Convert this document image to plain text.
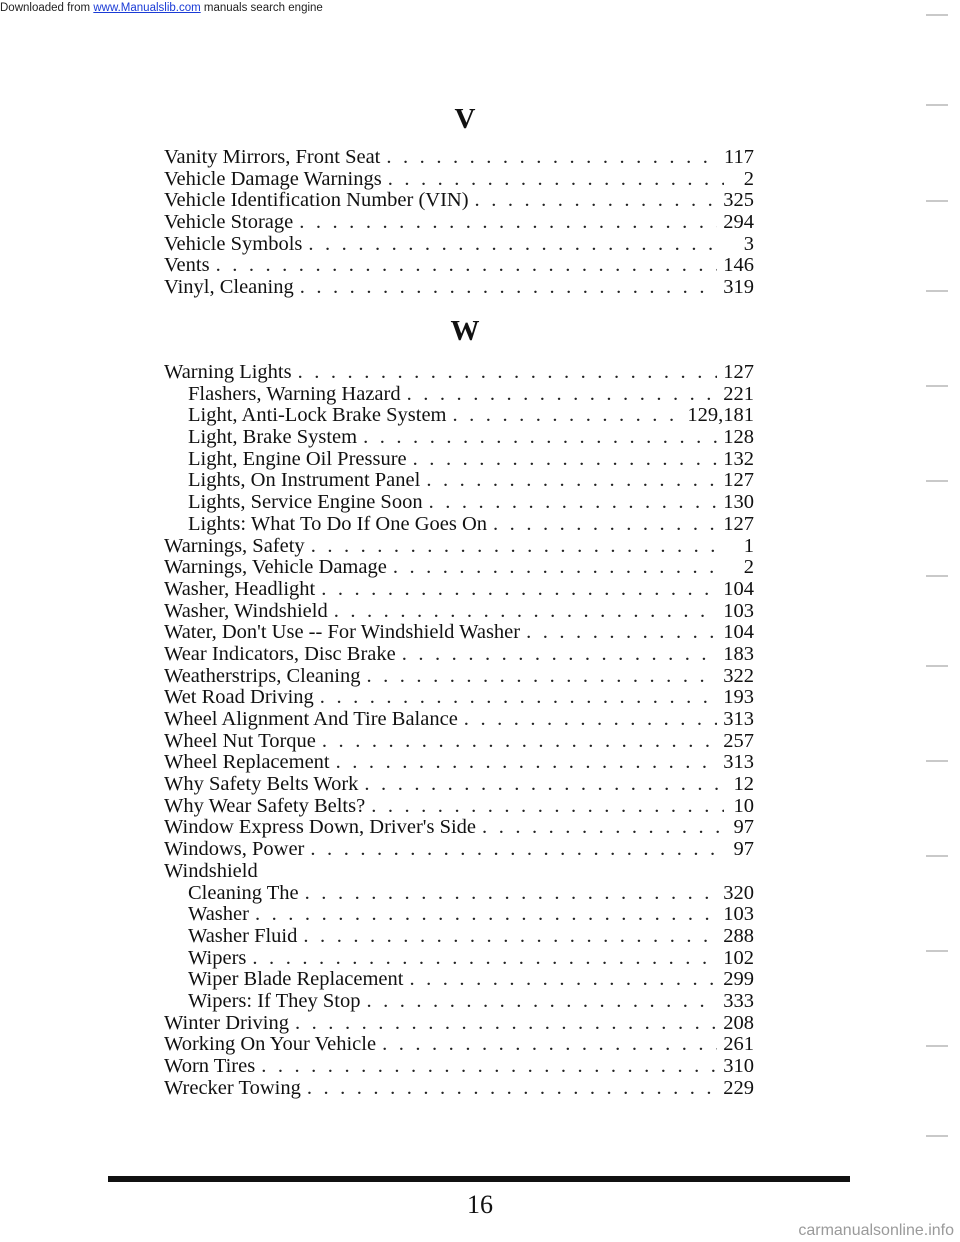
Downloaded from www.Manualslib.com manuals search engine
V
Vanity Mirrors, Front Seat . . .	117
Vehicle Damage Warnings . . .	2
Vehicle Identification Number (VIN) . . .	325
Vehicle Storage . . .	294
Vehicle Symbols . . .	3
Vents . . .	146
Vinyl, Cleaning . . .	319
W
Warning Lights . . .	127
Flashers, Warning Hazard . . .	221
Light, Anti-Lock Brake System . . .	129,181
Light, Brake System . . .	128
Light, Engine Oil Pressure . . .	132
Lights, On Instrument Panel . . .	127
Lights, Service Engine Soon . . .	130
Lights: What To Do If One Goes On . . .	127
Warnings, Safety . . .	1
Warnings, Vehicle Damage . . .	2
Washer, Headlight . . .	104
Washer, Windshield . . .	103
Water, Don't Use -- For Windshield Washer . . .	104
Wear Indicators, Disc Brake . . .	183
Weatherstrips, Cleaning . . .	322
Wet Road Driving . . .	193
Wheel Alignment And Tire Balance . . .	313
Wheel Nut Torque . . .	257
Wheel Replacement . . .	313
Why Safety Belts Work . . .	12
Why Wear Safety Belts? . . .	10
Window Express Down, Driver's Side . . .	97
Windows, Power . . .	97
Windshield
Cleaning The . . .	320
Washer . . .	103
Washer Fluid . . .	288
Wipers . . .	102
Wiper Blade Replacement . . .	299
Wipers: If They Stop . . .	333
Winter Driving . . .	208
Working On Your Vehicle . . .	261
Worn Tires . . .	310
Wrecker Towing . . .	229
16
carmanualsonline.info
